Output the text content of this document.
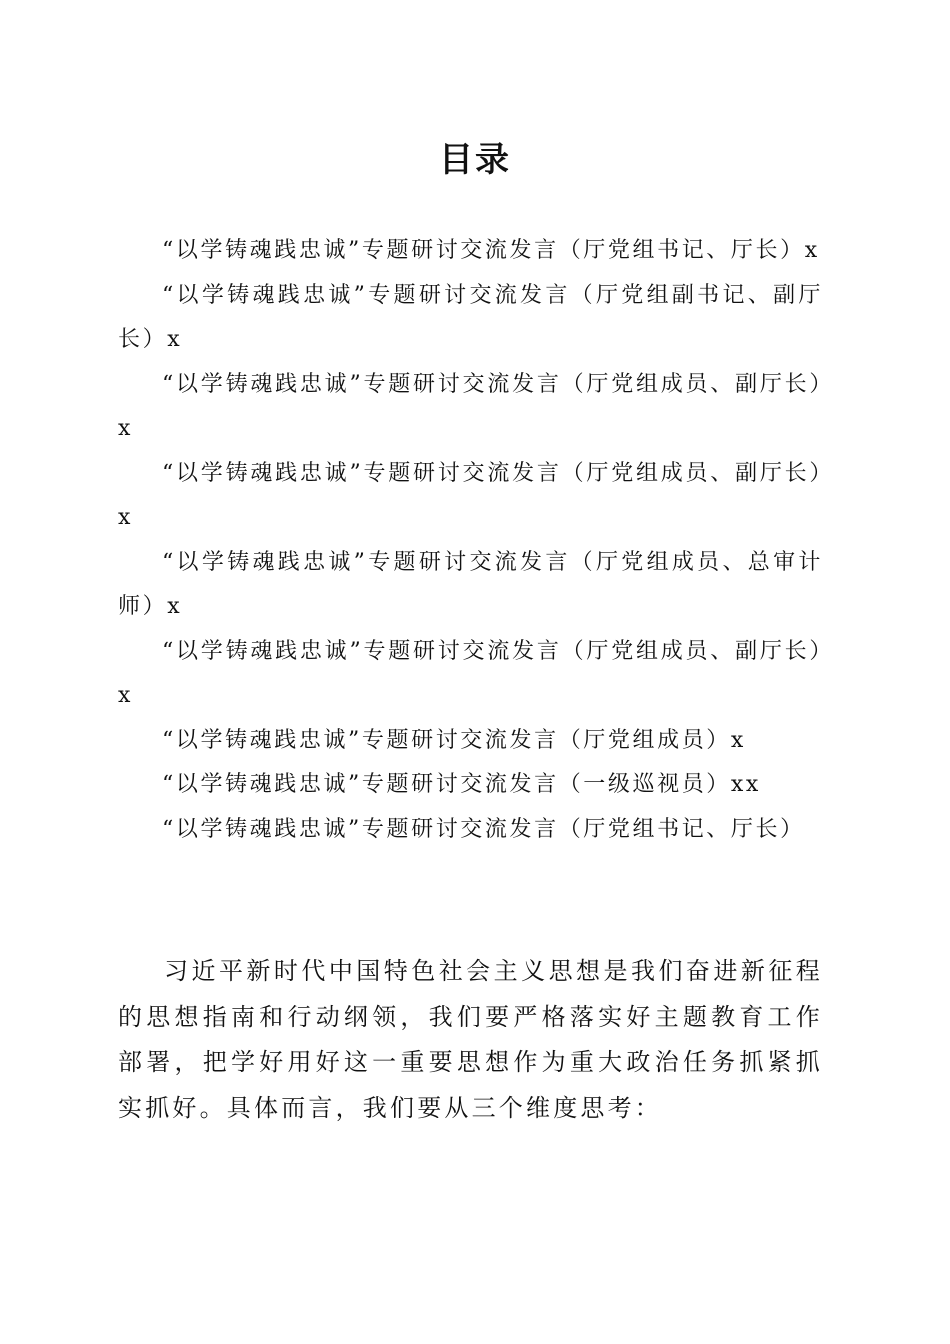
目录
“以学铸魂践忠诚”专题研讨交流发言（厅党组书记、厅长）x
“以学铸魂践忠诚”专题研讨交流发言（厅党组副书记、副厅长）x
“以学铸魂践忠诚”专题研讨交流发言（厅党组成员、副厅长）x
“以学铸魂践忠诚”专题研讨交流发言（厅党组成员、副厅长）x
“以学铸魂践忠诚”专题研讨交流发言（厅党组成员、总审计师）x
“以学铸魂践忠诚”专题研讨交流发言（厅党组成员、副厅长）x
“以学铸魂践忠诚”专题研讨交流发言（厅党组成员）x
“以学铸魂践忠诚”专题研讨交流发言（一级巡视员）xx
“以学铸魂践忠诚”专题研讨交流发言（厅党组书记、厅长）

习近平新时代中国特色社会主义思想是我们奋进新征程的思想指南和行动纲领，我们要严格落实好主题教育工作部署，把学好用好这一重要思想作为重大政治任务抓紧抓实抓好。具体而言，我们要从三个维度思考：
